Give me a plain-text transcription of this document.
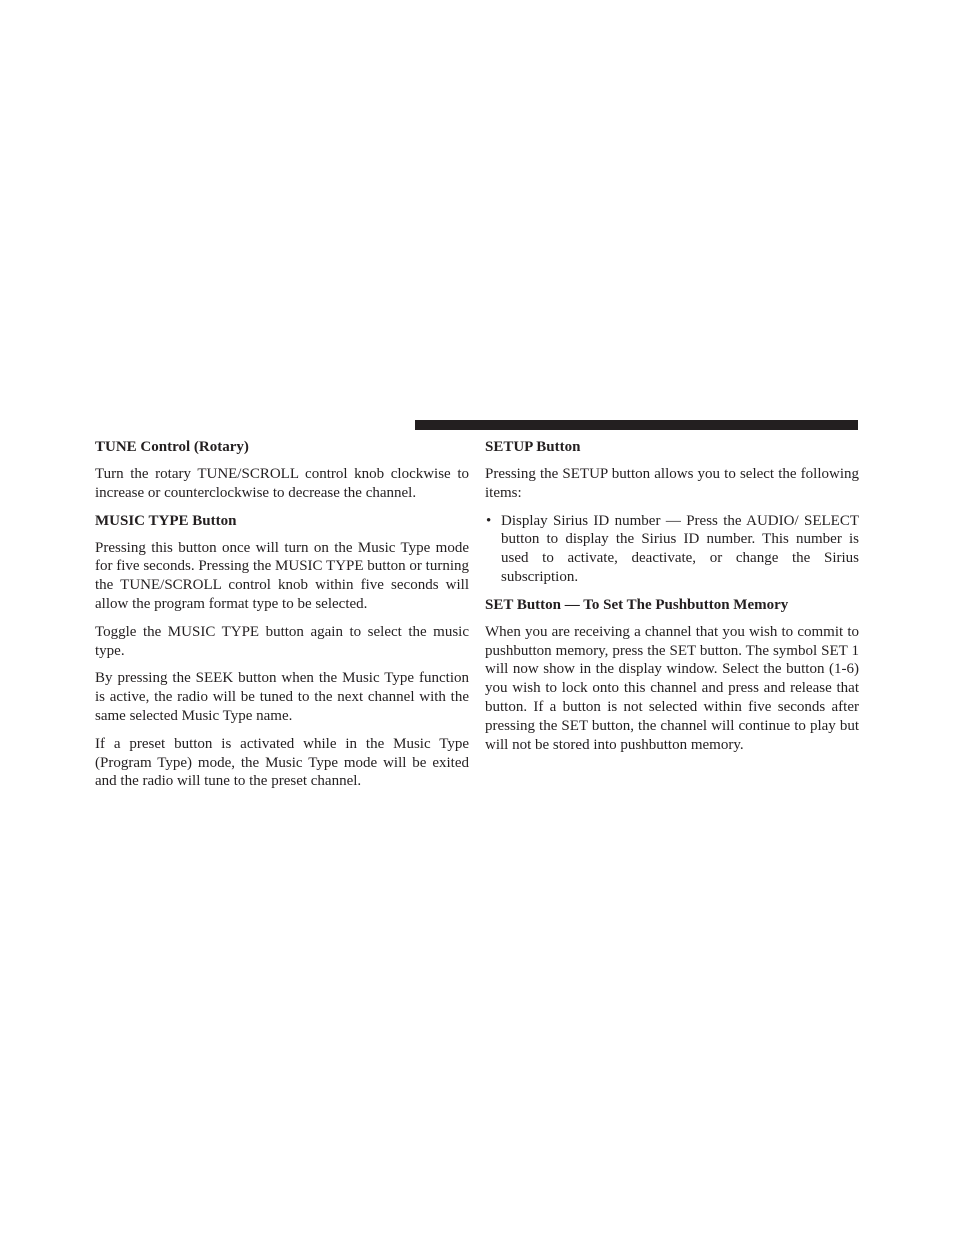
TUNE Control (Rotary)

Turn the rotary TUNE/SCROLL control knob clockwise to increase or counterclockwise to decrease the channel.

MUSIC TYPE Button

Pressing this button once will turn on the Music Type mode for five seconds. Pressing the MUSIC TYPE button or turning the TUNE/SCROLL control knob within five seconds will allow the program format type to be selected.

Toggle the MUSIC TYPE button again to select the music type.

By pressing the SEEK button when the Music Type function is active, the radio will be tuned to the next channel with the same selected Music Type name.

If a preset button is activated while in the Music Type (Program Type) mode, the Music Type mode will be exited and the radio will tune to the preset channel.

SETUP Button

Pressing the SETUP button allows you to select the following items:

• Display Sirius ID number — Press the AUDIO/ SELECT button to display the Sirius ID number. This number is used to activate, deactivate, or change the Sirius subscription.
SET Button — To Set The Pushbutton Memory

When you are receiving a channel that you wish to commit to pushbutton memory, press the SET button. The symbol SET 1 will now show in the display window. Select the button (1-6) you wish to lock onto this channel and press and release that button. If a button is not selected within five seconds after pressing the SET button, the channel will continue to play but will not be stored into pushbutton memory.
